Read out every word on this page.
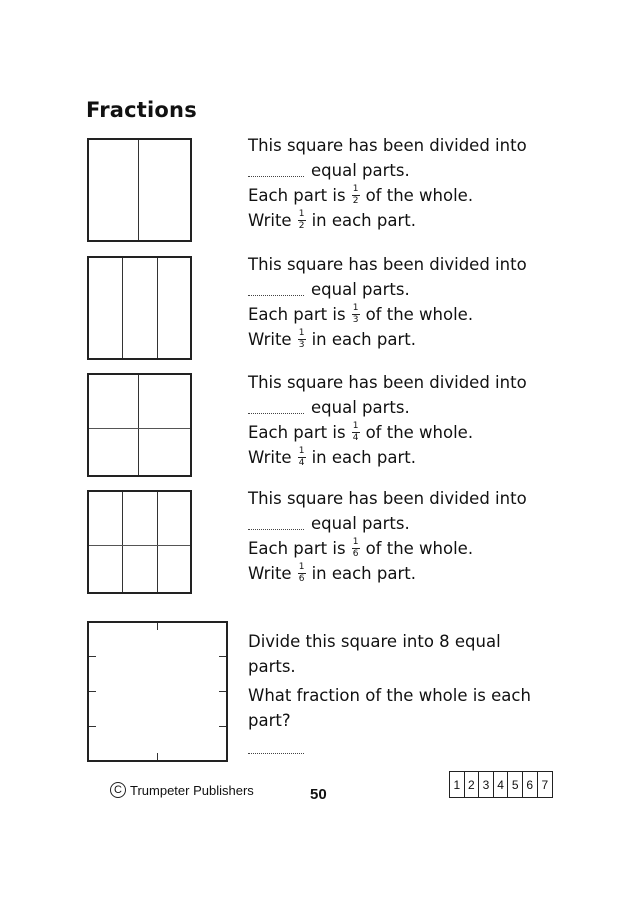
Fractions
This square has been divided into
equal parts.
Each part is $\frac{1}{2}$ of the whole.
Write $\frac{1}{2}$ in each part.
This square has been divided into
equal parts.
Each part is $\frac{1}{3}$ of the whole.
Write $\frac{1}{3}$ in each part.
This square has been divided into
equal parts.
Each part is $\frac{1}{4}$ of the whole.
Write $\frac{1}{4}$ in each part.
This square has been divided into
equal parts.
Each part is $\frac{1}{6}$ of the whole.
Write $\frac{1}{6}$ in each part.
Divide this square into 8 equal
parts.
What fraction of the whole is each
part?
C Trumpeter Publishers	50
1 2 3 4 5 6 7
